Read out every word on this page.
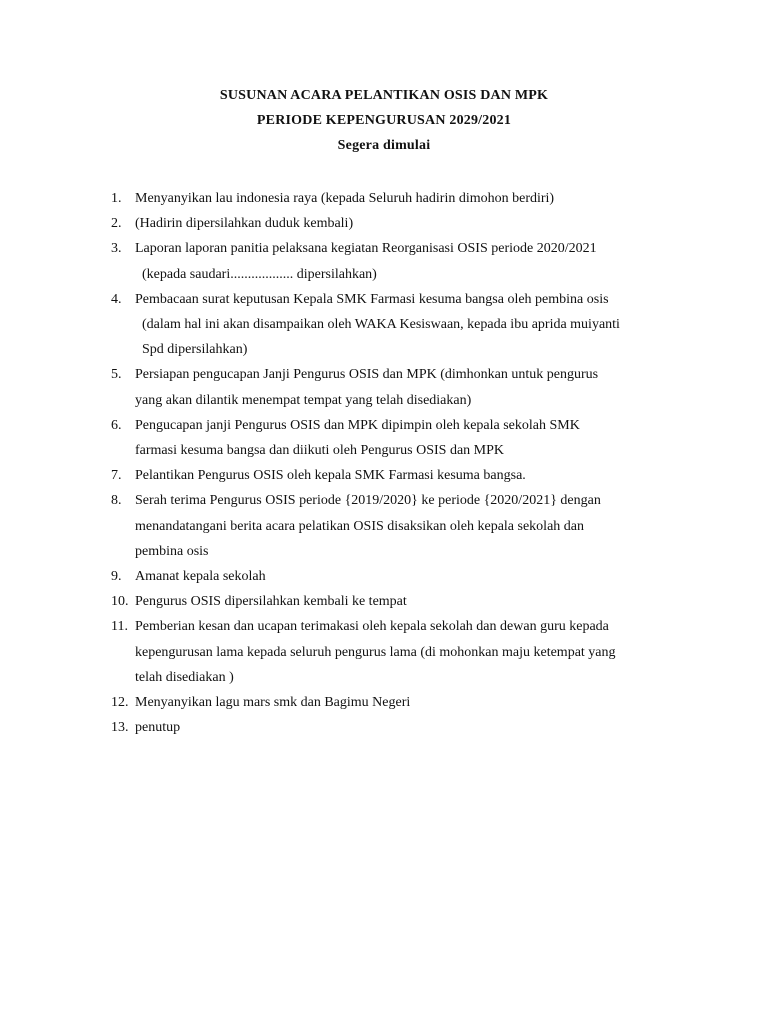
SUSUNAN ACARA PELANTIKAN OSIS DAN MPK
PERIODE KEPENGURUSAN 2029/2021
Segera dimulai
1. Menyanyikan lau indonesia raya (kepada Seluruh hadirin dimohon berdiri)
2. (Hadirin dipersilahkan duduk kembali)
3. Laporan laporan panitia pelaksana kegiatan Reorganisasi OSIS periode 2020/2021
(kepada saudari.................. dipersilahkan)
4. Pembacaan surat keputusan Kepala SMK Farmasi kesuma bangsa oleh pembina osis
(dalam hal ini akan disampaikan oleh WAKA Kesiswaan, kepada ibu aprida muiyanti
Spd dipersilahkan)
5. Persiapan pengucapan Janji Pengurus OSIS dan MPK (dimhonkan untuk pengurus
yang akan dilantik menempat tempat yang telah disediakan)
6. Pengucapan janji Pengurus OSIS dan MPK dipimpin oleh kepala sekolah SMK
farmasi kesuma bangsa dan diikuti oleh Pengurus OSIS dan MPK
7. Pelantikan Pengurus OSIS oleh kepala SMK Farmasi kesuma bangsa.
8. Serah terima Pengurus OSIS periode {2019/2020} ke periode {2020/2021} dengan
menandatangani berita acara pelatikan OSIS disaksikan oleh kepala sekolah dan
pembina osis
9. Amanat kepala sekolah
10. Pengurus OSIS dipersilahkan kembali ke tempat
11. Pemberian kesan dan ucapan terimakasi oleh kepala sekolah dan dewan guru kepada
kepengurusan lama kepada seluruh pengurus lama (di mohonkan maju ketempat yang
telah disediakan )
12. Menyanyikan lagu mars smk dan Bagimu Negeri
13. penutup
